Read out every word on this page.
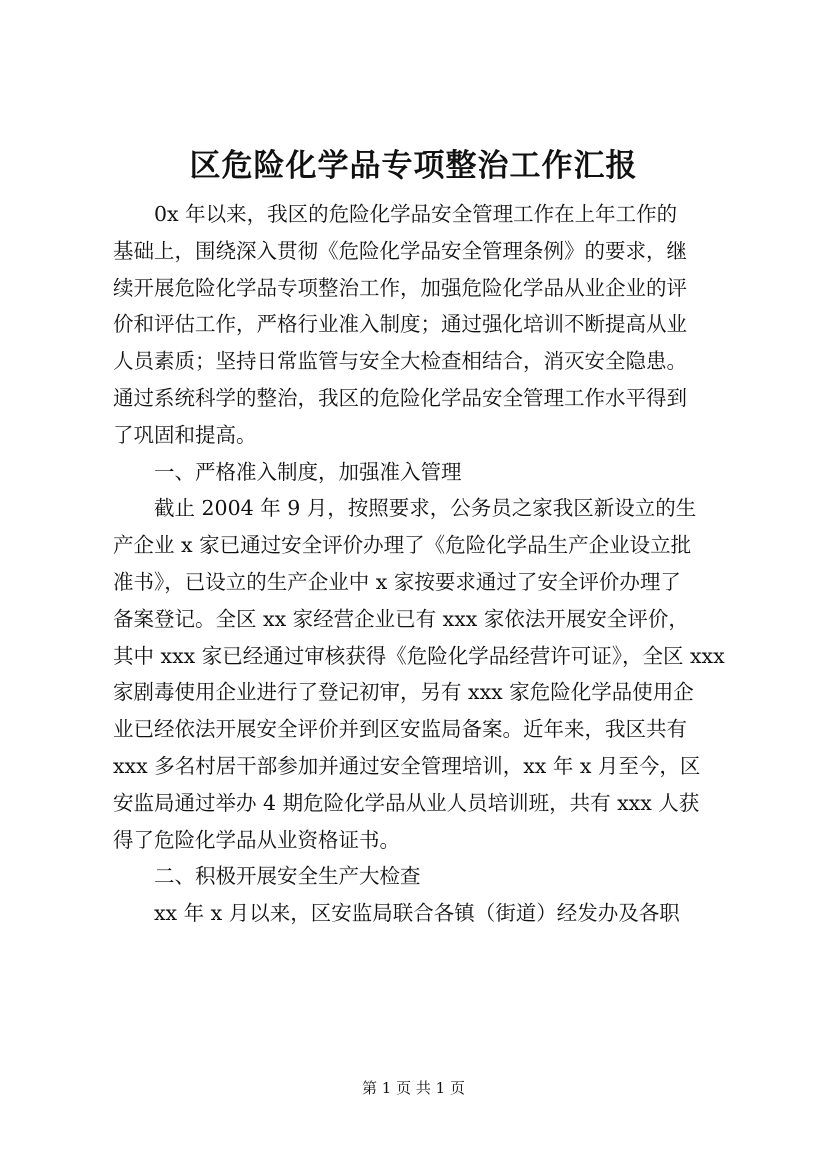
区危险化学品专项整治工作汇报
0x 年以来，我区的危险化学品安全管理工作在上年工作的
基础上，围绕深入贯彻《危险化学品安全管理条例》的要求，继
续开展危险化学品专项整治工作，加强危险化学品从业企业的评
价和评估工作，严格行业准入制度；通过强化培训不断提高从业
人员素质；坚持日常监管与安全大检查相结合，消灭安全隐患。
通过系统科学的整治，我区的危险化学品安全管理工作水平得到
了巩固和提高。
一、严格准入制度，加强准入管理
截止 2004 年 9 月，按照要求，公务员之家我区新设立的生
产企业 x 家已通过安全评价办理了《危险化学品生产企业设立批
准书》，已设立的生产企业中 x 家按要求通过了安全评价办理了
备案登记。全区 xx 家经营企业已有 xxx 家依法开展安全评价，
其中 xxx 家已经通过审核获得《危险化学品经营许可证》，全区 xxx
家剧毒使用企业进行了登记初审，另有 xxx 家危险化学品使用企
业已经依法开展安全评价并到区安监局备案。近年来，我区共有
xxx 多名村居干部参加并通过安全管理培训，xx 年 x 月至今，区
安监局通过举办 4 期危险化学品从业人员培训班，共有 xxx 人获
得了危险化学品从业资格证书。
二、积极开展安全生产大检查
xx 年 x 月以来，区安监局联合各镇（街道）经发办及各职
第 1 页 共 1 页
